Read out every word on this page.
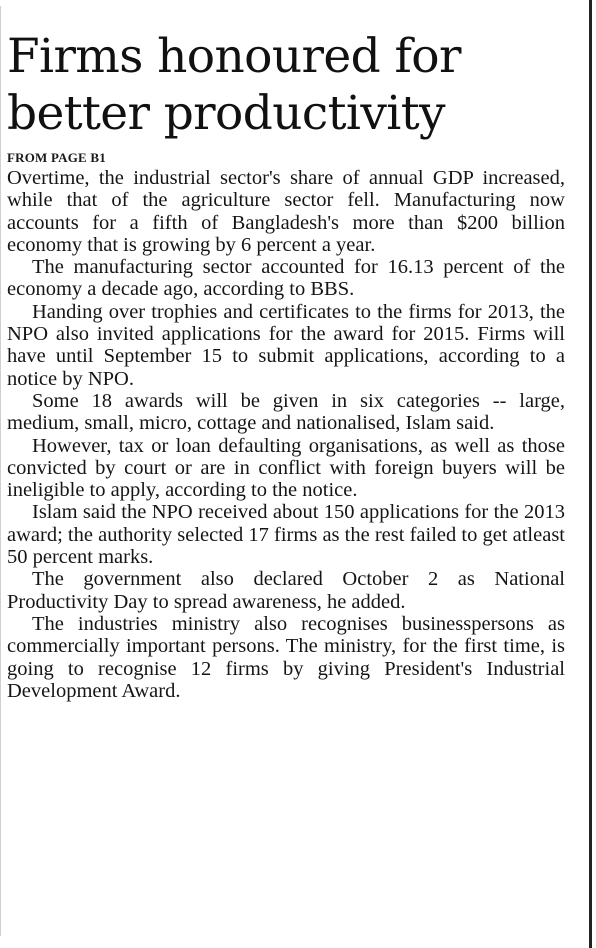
Firms honoured for better productivity
FROM PAGE B1

Overtime, the industrial sector's share of annual GDP increased, while that of the agriculture sector fell. Manufacturing now accounts for a fifth of Bangladesh's more than $200 billion economy that is growing by 6 percent a year.

The manufacturing sector accounted for 16.13 percent of the economy a decade ago, according to BBS.

Handing over trophies and certificates to the firms for 2013, the NPO also invited applications for the award for 2015. Firms will have until September 15 to submit applications, according to a notice by NPO.

Some 18 awards will be given in six categories -- large, medium, small, micro, cottage and nationalised, Islam said.

However, tax or loan defaulting organisations, as well as those convicted by court or are in conflict with foreign buyers will be ineligible to apply, according to the notice.

Islam said the NPO received about 150 applications for the 2013 award; the authority selected 17 firms as the rest failed to get atleast 50 percent marks.

The government also declared October 2 as National Productivity Day to spread awareness, he added.

The industries ministry also recognises businesspersons as commercially important persons. The ministry, for the first time, is going to recognise 12 firms by giving President's Industrial Development Award.
